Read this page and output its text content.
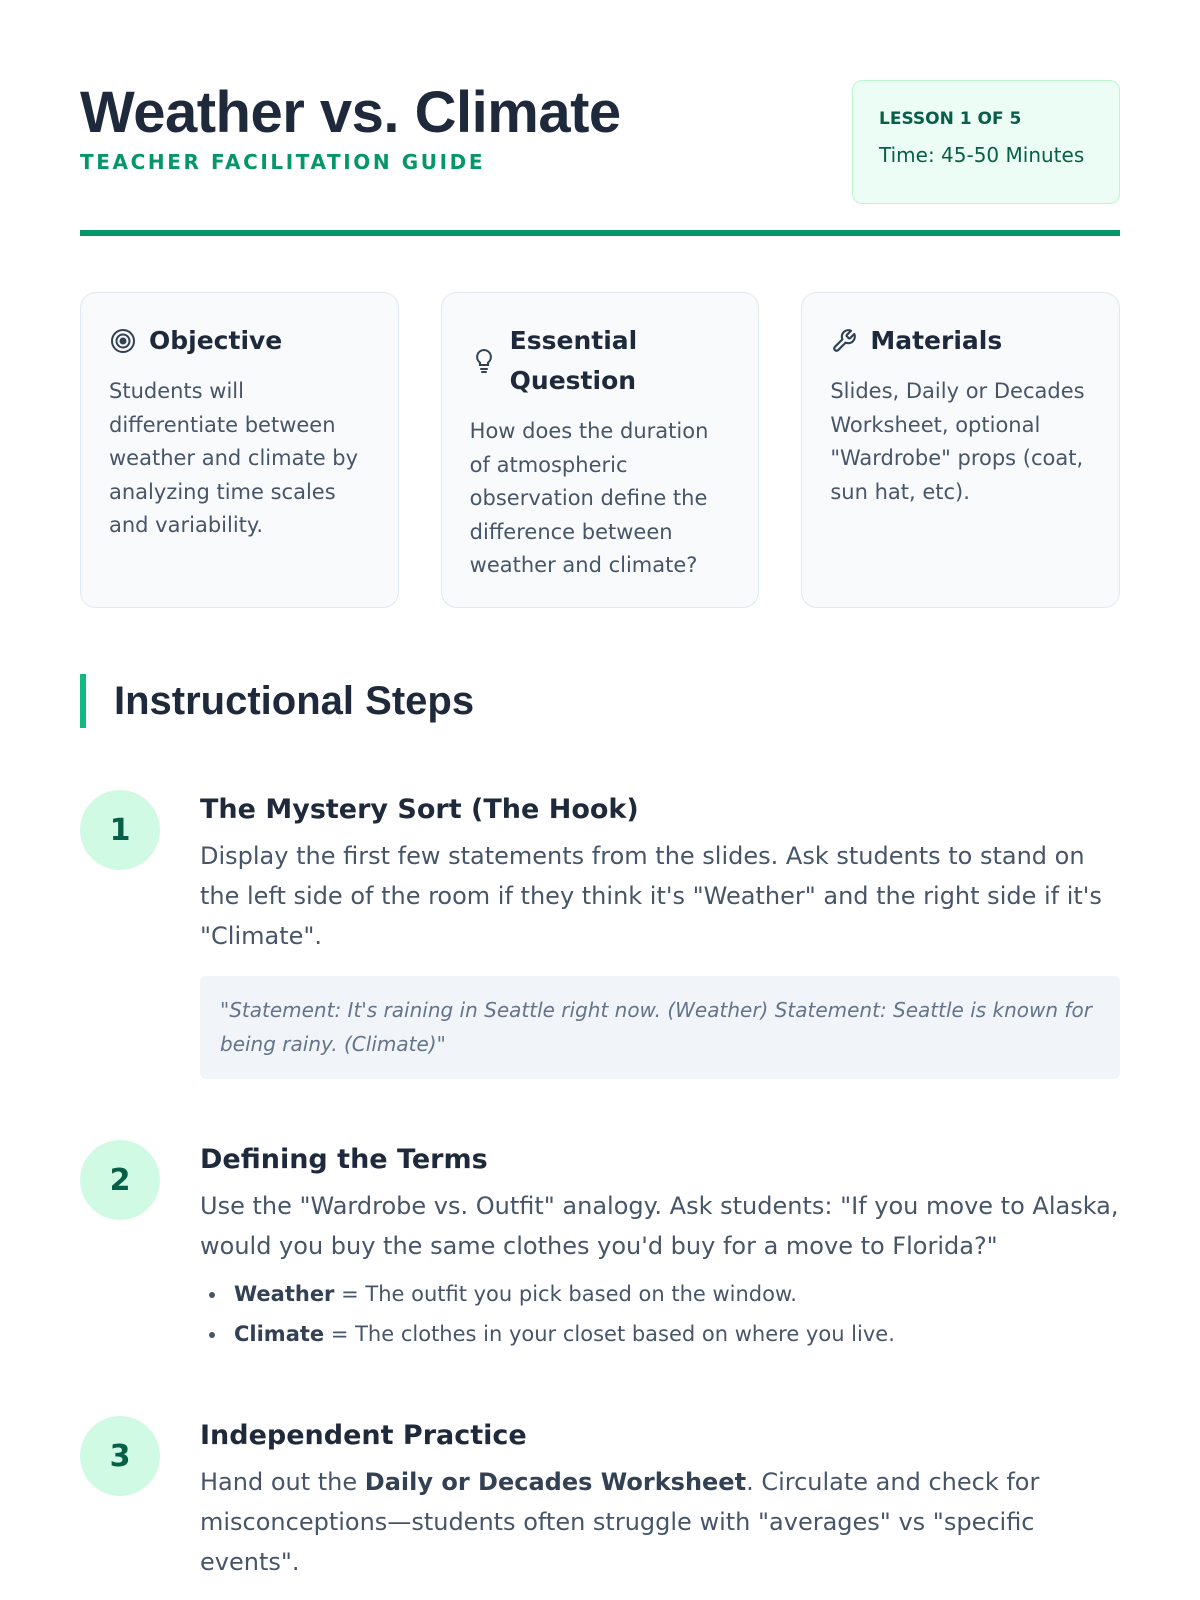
Weather vs. Climate
TEACHER FACILITATION GUIDE
LESSON 1 OF 5
Time: 45-50 Minutes
Objective
Students will differentiate between weather and climate by analyzing time scales and variability.
Essential Question
How does the duration of atmospheric observation define the difference between weather and climate?
Materials
Slides, Daily or Decades Worksheet, optional "Wardrobe" props (coat, sun hat, etc).
Instructional Steps
1
The Mystery Sort (The Hook)
Display the first few statements from the slides. Ask students to stand on the left side of the room if they think it's "Weather" and the right side if it's "Climate".
"Statement: It's raining in Seattle right now. (Weather) Statement: Seattle is known for being rainy. (Climate)"
2
Defining the Terms
Use the "Wardrobe vs. Outfit" analogy. Ask students: "If you move to Alaska, would you buy the same clothes you'd buy for a move to Florida?"
Weather = The outfit you pick based on the window.
Climate = The clothes in your closet based on where you live.
3
Independent Practice
Hand out the Daily or Decades Worksheet. Circulate and check for misconceptions—students often struggle with "averages" vs "specific events".
